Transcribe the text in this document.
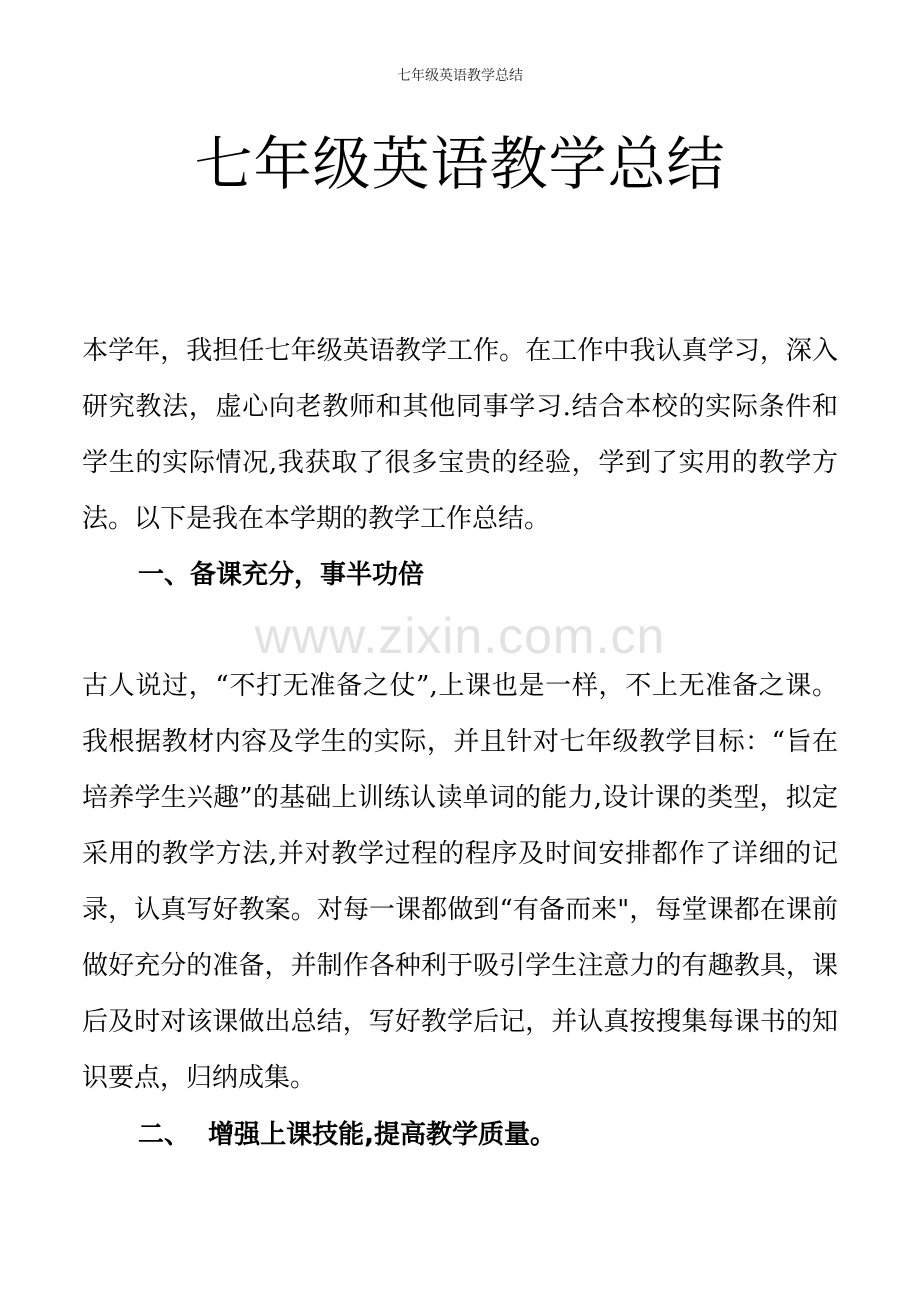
七年级英语教学总结
七年级英语教学总结

本学年，我担任七年级英语教学工作。在工作中我认真学习，深入研究教法，虚心向老教师和其他同事学习.结合本校的实际条件和学生的实际情况,我获取了很多宝贵的经验，学到了实用的教学方法。以下是我在本学期的教学工作总结。

一、备课充分，事半功倍
www.zixin.com.cn

古人说过，“不打无准备之仗”,上课也是一样，不上无准备之课。我根据教材内容及学生的实际，并且针对七年级教学目标：“旨在培养学生兴趣”的基础上训练认读单词的能力,设计课的类型，拟定采用的教学方法,并对教学过程的程序及时间安排都作了详细的记录，认真写好教案。对每一课都做到“有备而来"，每堂课都在课前做好充分的准备，并制作各种利于吸引学生注意力的有趣教具，课后及时对该课做出总结，写好教学后记，并认真按搜集每课书的知识要点，归纳成集。

二、  增强上课技能,提高教学质量。
